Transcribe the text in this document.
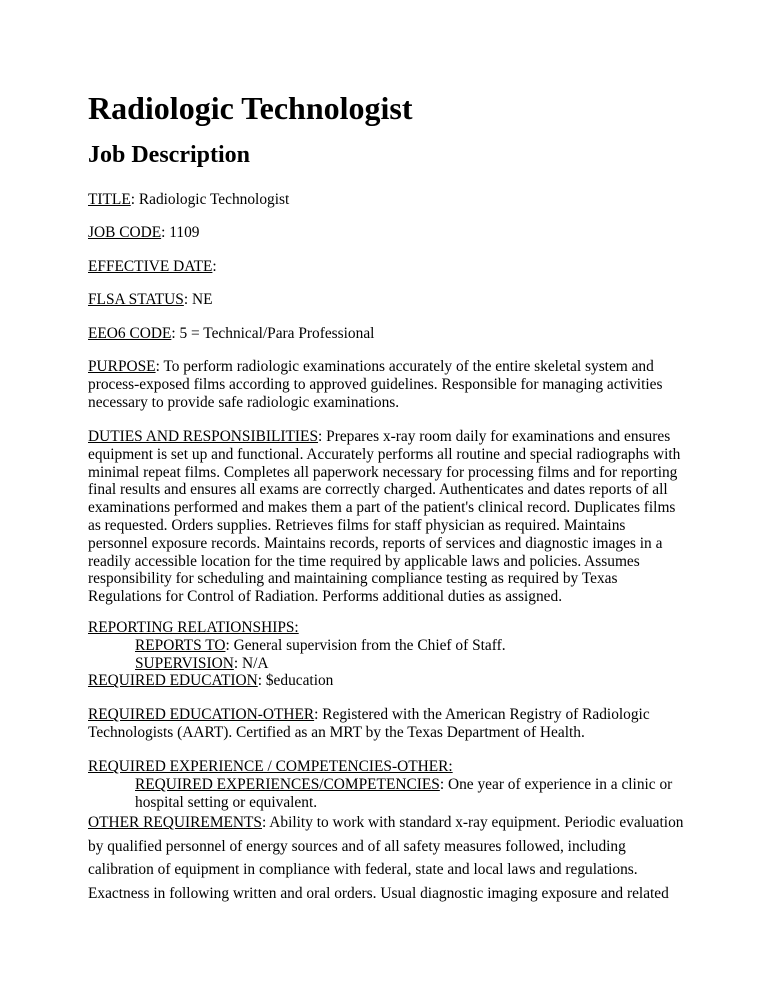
Radiologic Technologist
Job Description

TITLE: Radiologic Technologist

JOB CODE: 1109

EFFECTIVE DATE:

FLSA STATUS: NE

EEO6 CODE: 5 = Technical/Para Professional

PURPOSE: To perform radiologic examinations accurately of the entire skeletal system and process-exposed films according to approved guidelines. Responsible for managing activities necessary to provide safe radiologic examinations.

DUTIES AND RESPONSIBILITIES: Prepares x-ray room daily for examinations and ensures equipment is set up and functional. Accurately performs all routine and special radiographs with minimal repeat films. Completes all paperwork necessary for processing films and for reporting final results and ensures all exams are correctly charged. Authenticates and dates reports of all examinations performed and makes them a part of the patient's clinical record. Duplicates films as requested. Orders supplies. Retrieves films for staff physician as required. Maintains personnel exposure records. Maintains records, reports of services and diagnostic images in a readily accessible location for the time required by applicable laws and policies. Assumes responsibility for scheduling and maintaining compliance testing as required by Texas Regulations for Control of Radiation. Performs additional duties as assigned.

REPORTING RELATIONSHIPS:
REPORTS TO: General supervision from the Chief of Staff.
SUPERVISION: N/A
REQUIRED EDUCATION: $education

REQUIRED EDUCATION-OTHER: Registered with the American Registry of Radiologic Technologists (AART). Certified as an MRT by the Texas Department of Health.

REQUIRED EXPERIENCE / COMPETENCIES-OTHER:
REQUIRED EXPERIENCES/COMPETENCIES: One year of experience in a clinic or hospital setting or equivalent.
OTHER REQUIREMENTS: Ability to work with standard x-ray equipment. Periodic evaluation by qualified personnel of energy sources and of all safety measures followed, including calibration of equipment in compliance with federal, state and local laws and regulations. Exactness in following written and oral orders. Usual diagnostic imaging exposure and related
